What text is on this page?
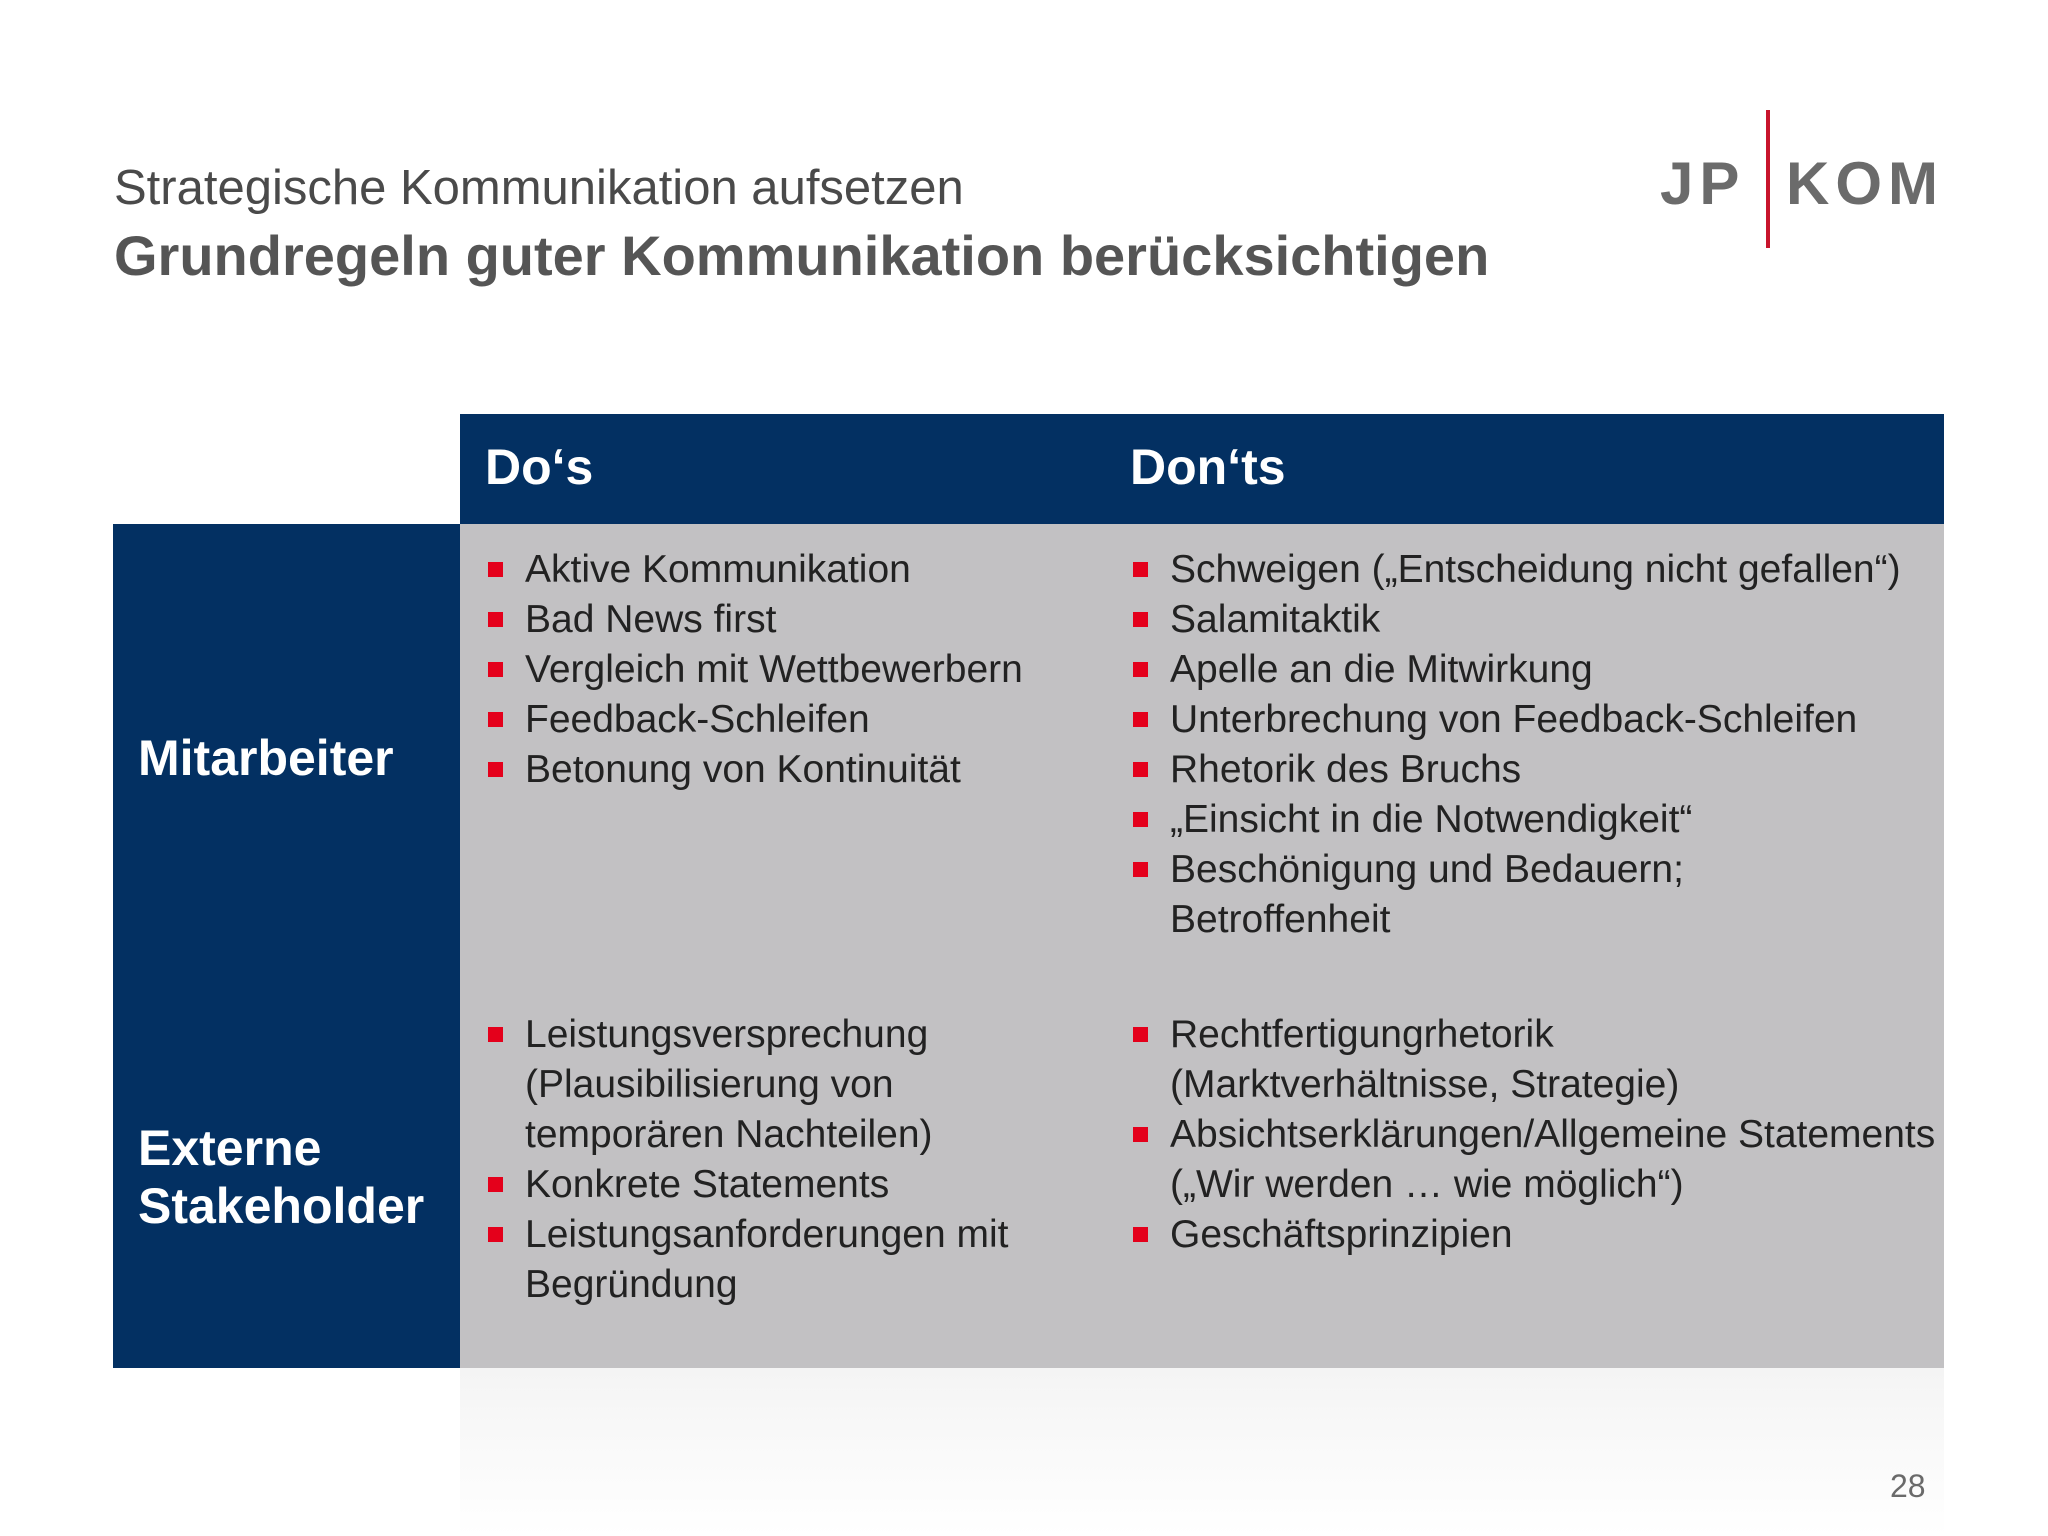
Strategische Kommunikation aufsetzen
Grundregeln guter Kommunikation berücksichtigen
JP KOM
Do‘s	Don‘ts
Mitarbeiter
Externe
Stakeholder
Aktive Kommunikation
Bad News first
Vergleich mit Wettbewerbern
Feedback-Schleifen
Betonung von Kontinuität
Schweigen („Entscheidung nicht gefallen“)
Salamitaktik
Apelle an die Mitwirkung
Unterbrechung von Feedback-Schleifen
Rhetorik des Bruchs
„Einsicht in die Notwendigkeit“
Beschönigung und Bedauern; Betroffenheit
Leistungsversprechung (Plausibilisierung von temporären Nachteilen)
Konkrete Statements
Leistungsanforderungen mit Begründung
Rechtfertigungrhetorik (Marktverhältnisse, Strategie)
Absichtserklärungen/Allgemeine Statements („Wir werden … wie möglich“)
Geschäftsprinzipien
28
